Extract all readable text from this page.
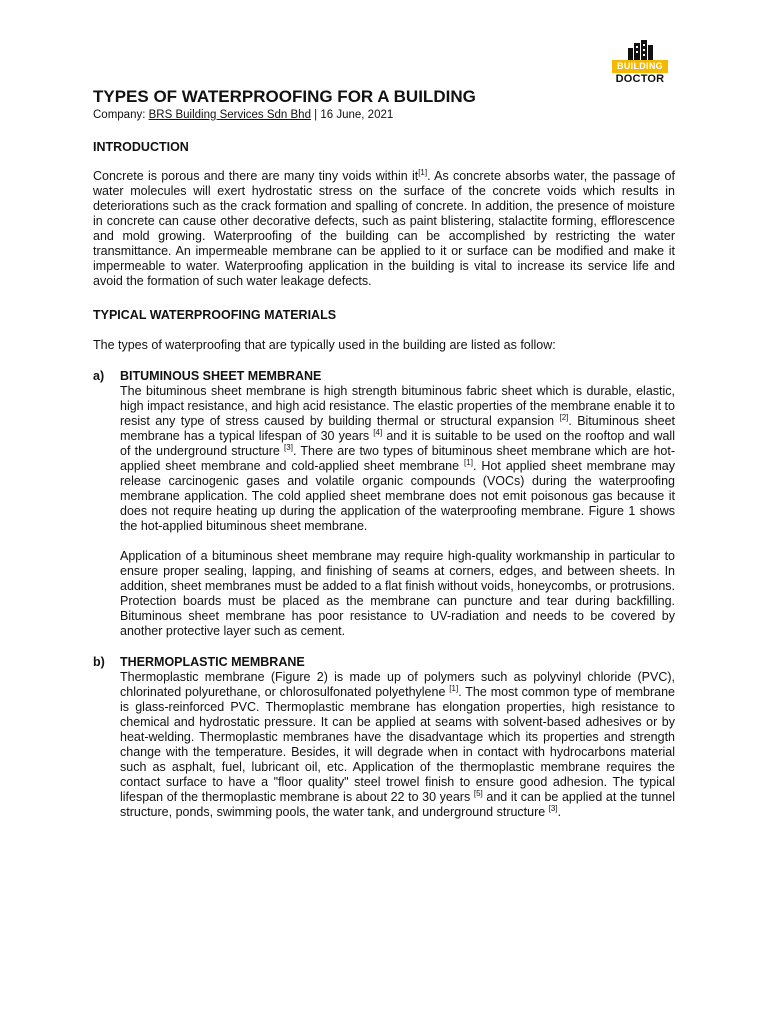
BUILDING
DOCTOR
TYPES OF WATERPROOFING FOR A BUILDING
Company: BRS Building Services Sdn Bhd | 16 June, 2021
INTRODUCTION

Concrete is porous and there are many tiny voids within it[1]. As concrete absorbs water, the passage of water molecules will exert hydrostatic stress on the surface of the concrete voids which results in deteriorations such as the crack formation and spalling of concrete. In addition, the presence of moisture in concrete can cause other decorative defects, such as paint blistering, stalactite forming, efflorescence and mold growing. Waterproofing of the building can be accomplished by restricting the water transmittance. An impermeable membrane can be applied to it or surface can be modified and make it impermeable to water. Waterproofing application in the building is vital to increase its service life and avoid the formation of such water leakage defects.

TYPICAL WATERPROOFING MATERIALS

The types of waterproofing that are typically used in the building are listed as follow:

a)	BITUMINOUS SHEET MEMBRANE

The bituminous sheet membrane is high strength bituminous fabric sheet which is durable, elastic, high impact resistance, and high acid resistance. The elastic properties of the membrane enable it to resist any type of stress caused by building thermal or structural expansion [2]. Bituminous sheet membrane has a typical lifespan of 30 years [4] and it is suitable to be used on the rooftop and wall of the underground structure [3]. There are two types of bituminous sheet membrane which are hot-applied sheet membrane and cold-applied sheet membrane [1]. Hot applied sheet membrane may release carcinogenic gases and volatile organic compounds (VOCs) during the waterproofing membrane application. The cold applied sheet membrane does not emit poisonous gas because it does not require heating up during the application of the waterproofing membrane. Figure 1 shows the hot-applied bituminous sheet membrane.

Application of a bituminous sheet membrane may require high-quality workmanship in particular to ensure proper sealing, lapping, and finishing of seams at corners, edges, and between sheets. In addition, sheet membranes must be added to a flat finish without voids, honeycombs, or protrusions. Protection boards must be placed as the membrane can puncture and tear during backfilling. Bituminous sheet membrane has poor resistance to UV-radiation and needs to be covered by another protective layer such as cement.

b)	THERMOPLASTIC MEMBRANE

Thermoplastic membrane (Figure 2) is made up of polymers such as polyvinyl chloride (PVC), chlorinated polyurethane, or chlorosulfonated polyethylene [1]. The most common type of membrane is glass-reinforced PVC. Thermoplastic membrane has elongation properties, high resistance to chemical and hydrostatic pressure. It can be applied at seams with solvent-based adhesives or by heat-welding. Thermoplastic membranes have the disadvantage which its properties and strength change with the temperature. Besides, it will degrade when in contact with hydrocarbons material such as asphalt, fuel, lubricant oil, etc. Application of the thermoplastic membrane requires the contact surface to have a "floor quality" steel trowel finish to ensure good adhesion. The typical lifespan of the thermoplastic membrane is about 22 to 30 years [5] and it can be applied at the tunnel structure, ponds, swimming pools, the water tank, and underground structure [3].
